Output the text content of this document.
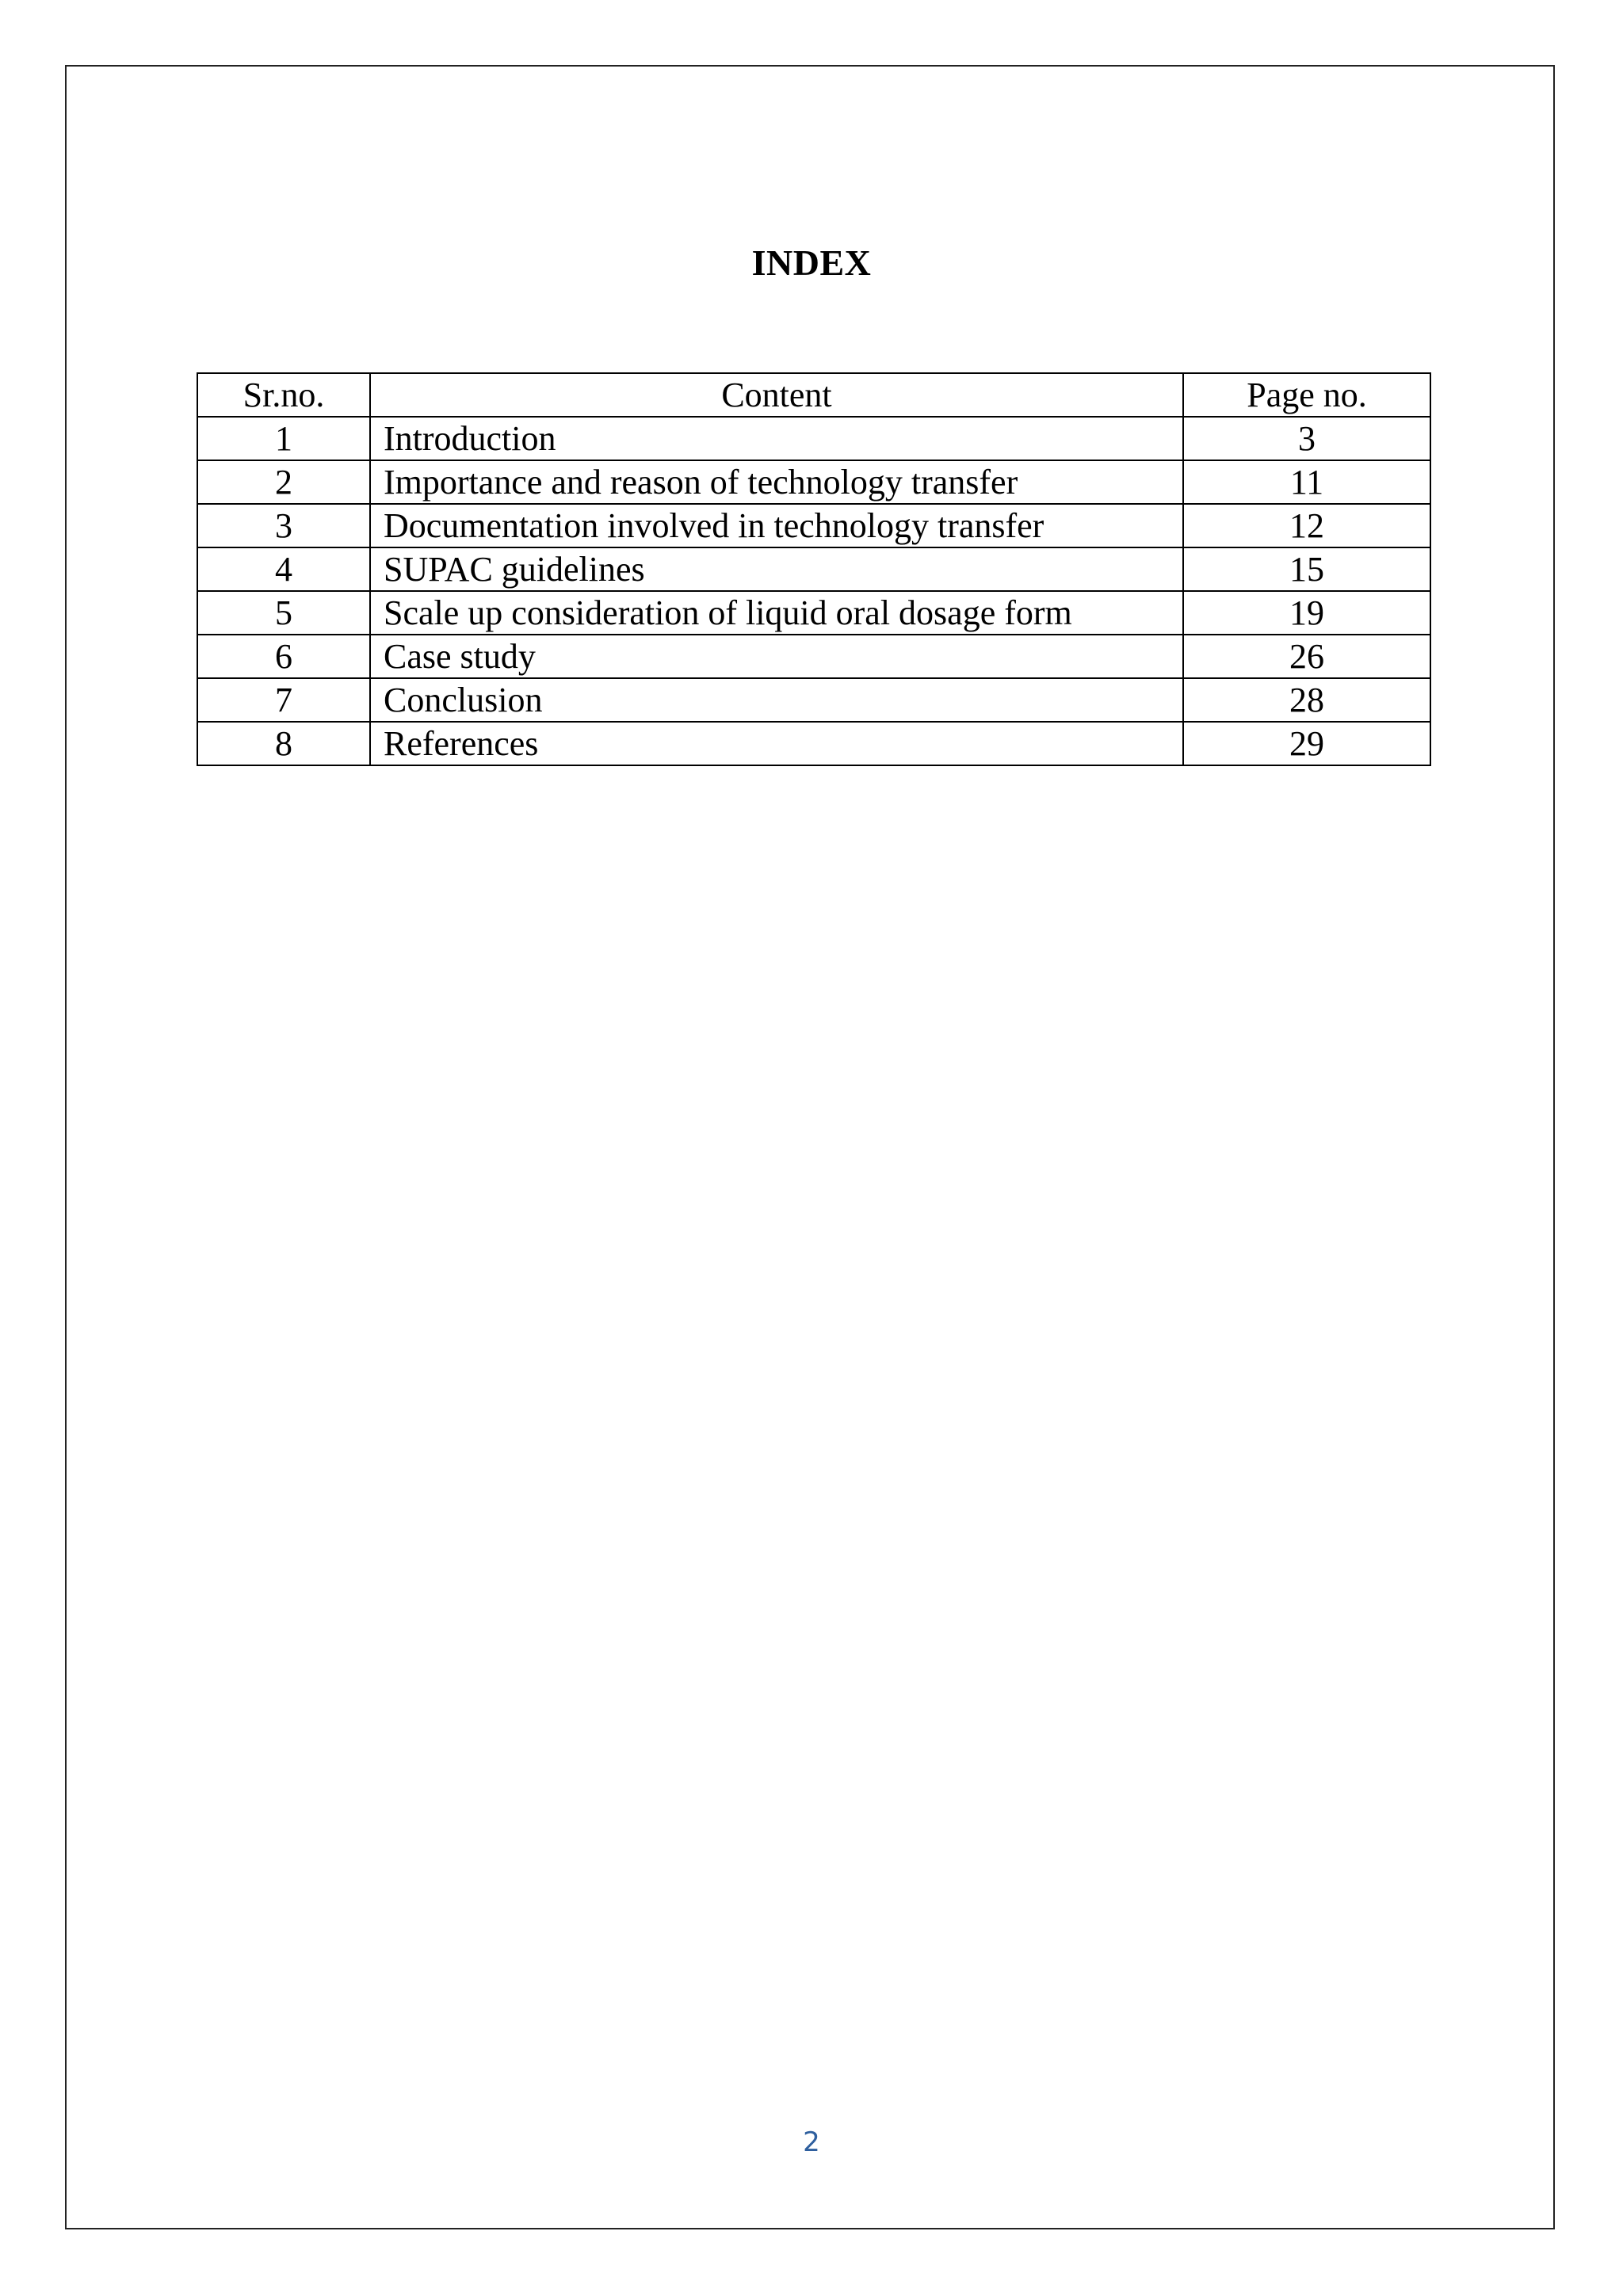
INDEX
Sr.no.	Content	Page no.
1	Introduction	3
2	Importance and reason of technology transfer	11
3	Documentation involved in technology transfer	12
4	SUPAC guidelines	15
5	Scale up consideration of liquid oral dosage form	19
6	Case study	26
7	Conclusion	28
8	References	29
2
